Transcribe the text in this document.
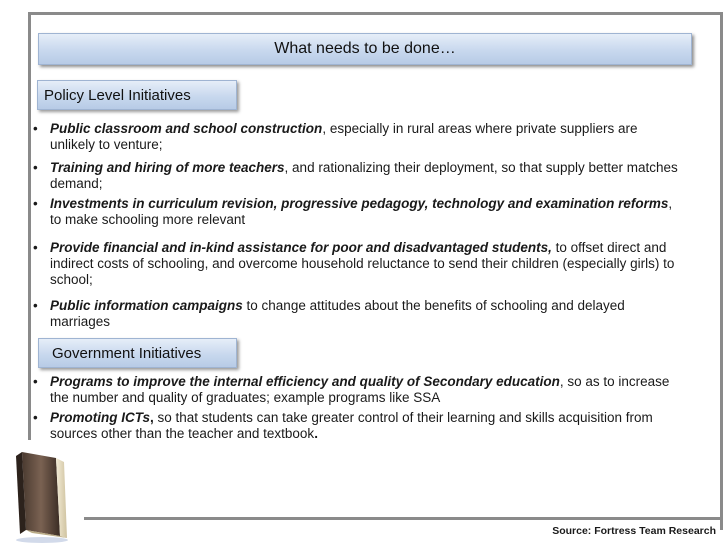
What needs to be done…
Policy Level Initiatives
• Public classroom and school construction, especially in rural areas where private suppliers are unlikely to venture;
• Training and hiring of more teachers, and rationalizing their deployment, so that supply better matches demand;
• Investments in curriculum revision, progressive pedagogy, technology and examination reforms, to make schooling more relevant
• Provide financial and in-kind assistance for poor and disadvantaged students, to offset direct and indirect costs of schooling, and overcome household reluctance to send their children (especially girls) to school;
• Public information campaigns to change attitudes about the benefits of schooling and delayed marriages
Government Initiatives
• Programs to improve the internal efficiency and quality of Secondary education, so as to increase the number and quality of graduates; example programs like SSA
• Promoting ICTs, so that students can take greater control of their learning and skills acquisition from sources other than the teacher and textbook.
Source: Fortress Team Research
